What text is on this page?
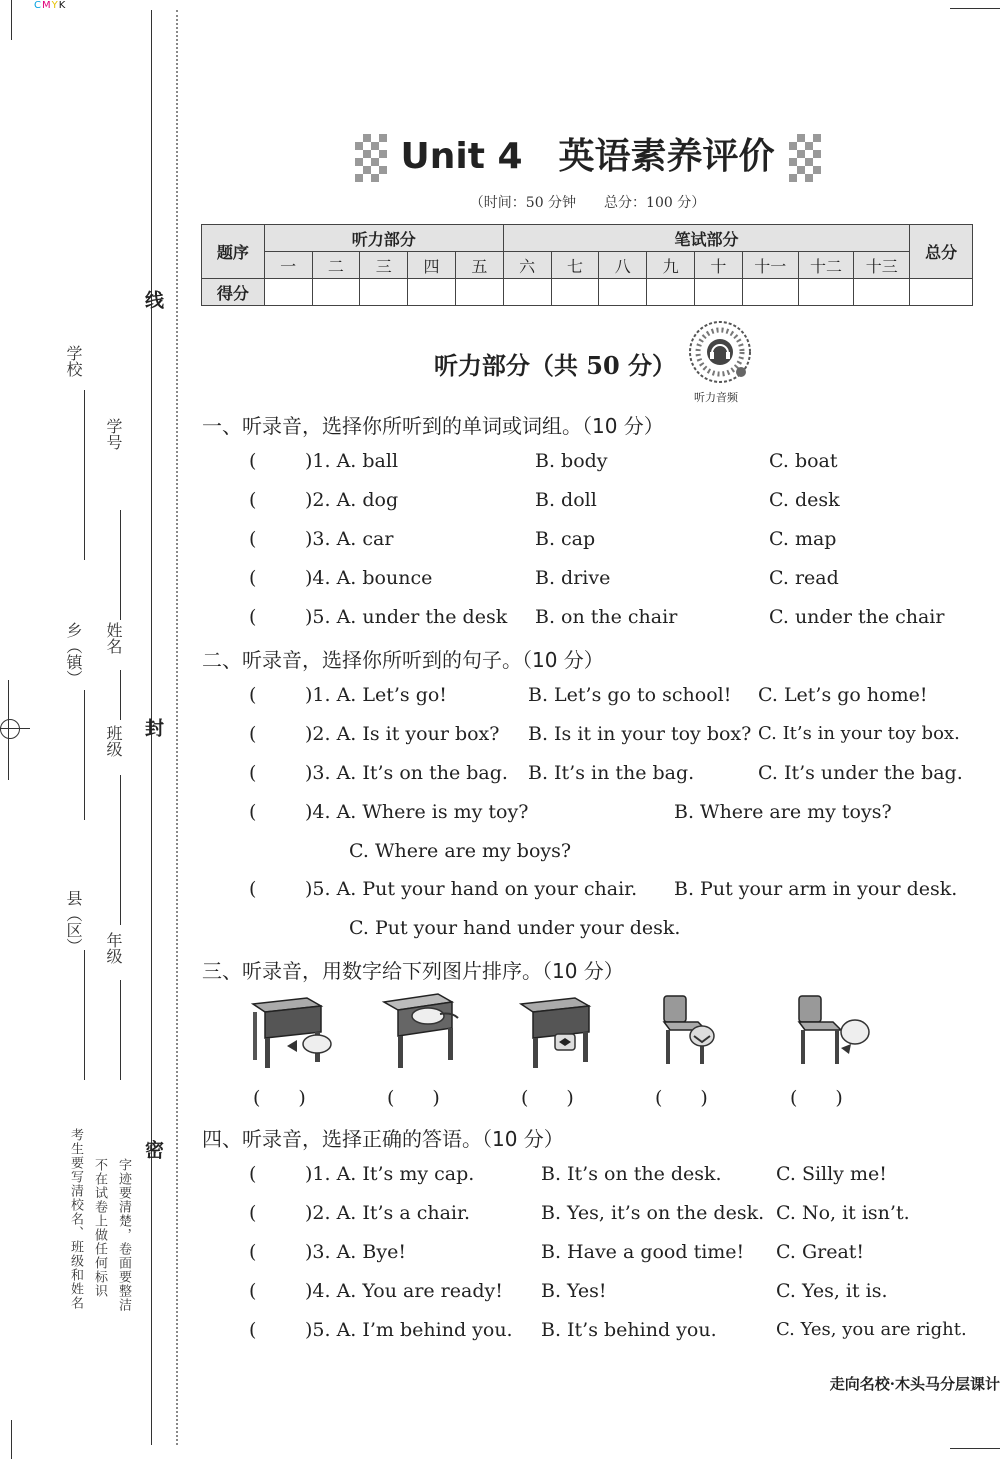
CMYK
线
封
密
学校
学号
乡（镇） 姓名
班级
县（区） 年级
考生要写清校名、班级和姓名 不在试卷上做任何标识 字迹要清楚，卷面要整洁
Unit 4　英语素养评价
（时间：50 分钟　　总分：100 分）
题序	听力部分					笔试部分								总分
	一	二	三	四	五	六	七	八	九	十	十一	十二	十三	
得分														
听力部分（共 50 分）
听力音频
一、听录音，选择你所听到的单词或词组。（10 分）
(	)1. A. ball	B. body	C. boat
(	)2. A. dog	B. doll	C. desk
(	)3. A. car	B. cap	C. map
(	)4. A. bounce	B. drive	C. read
(	)5. A. under the desk B. on the chair	C. under the chair
二、听录音，选择你所听到的句子。（10 分）
(	)1. A. Let’s go!	B. Let’s go to school! C. Let’s go home!
(	)2. A. Is it your box? B. Is it in your toy box? C. It’s in your toy box.
(	)3. A. It’s on the bag. B. It’s in the bag.	C. It’s under the bag.
(	)4. A. Where is my toy?	B. Where are my toys?
C. Where are my boys?
(	)5. A. Put your hand on your chair. B. Put your arm in your desk.
C. Put your hand under your desk.
三、听录音，用数字给下列图片排序。（10 分）
(　　)	(　　)	(　　)	(　　)	(　　)
四、听录音，选择正确的答语。（10 分）
(	)1. A. It’s my cap.	B. It’s on the desk.	C. Silly me!
(	)2. A. It’s a chair.	B. Yes, it’s on the desk. C. No, it isn’t.
(	)3. A. Bye!	B. Have a good time! C. Great!
(	)4. A. You are ready! B. Yes!	C. Yes, it is.
(	)5. A. I’m behind you. B. It’s behind you.	C. Yes, you are right.
走向名校·木头马分层课计
